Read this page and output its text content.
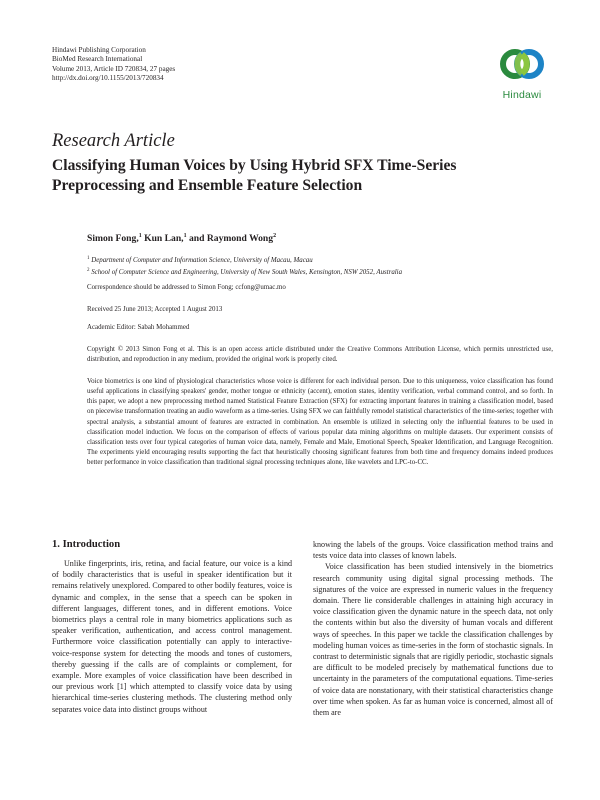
Hindawi Publishing Corporation
BioMed Research International
Volume 2013, Article ID 720834, 27 pages
http://dx.doi.org/10.1155/2013/720834
Hindawi
Research Article
Classifying Human Voices by Using Hybrid SFX Time-Series Preprocessing and Ensemble Feature Selection
Simon Fong,$^1$ Kun Lan,$^1$ and Raymond Wong$^2$
$^1$ Department of Computer and Information Science, University of Macau, Macau
$^2$ School of Computer Science and Engineering, University of New South Wales, Kensington, NSW 2052, Australia
Correspondence should be addressed to Simon Fong; ccfong@umac.mo
Received 25 June 2013; Accepted 1 August 2013
Academic Editor: Sabah Mohammed
Copyright © 2013 Simon Fong et al. This is an open access article distributed under the Creative Commons Attribution License, which permits unrestricted use, distribution, and reproduction in any medium, provided the original work is properly cited.
Voice biometrics is one kind of physiological characteristics whose voice is different for each individual person. Due to this uniqueness, voice classification has found useful applications in classifying speakers' gender, mother tongue or ethnicity (accent), emotion states, identity verification, verbal command control, and so forth. In this paper, we adopt a new preprocessing method named Statistical Feature Extraction (SFX) for extracting important features in training a classification model, based on piecewise transformation treating an audio waveform as a time-series. Using SFX we can faithfully remodel statistical characteristics of the time-series; together with spectral analysis, a substantial amount of features are extracted in combination. An ensemble is utilized in selecting only the influential features to be used in classification model induction. We focus on the comparison of effects of various popular data mining algorithms on multiple datasets. Our experiment consists of classification tests over four typical categories of human voice data, namely, Female and Male, Emotional Speech, Speaker Identification, and Language Recognition. The experiments yield encouraging results supporting the fact that heuristically choosing significant features from both time and frequency domains indeed produces better performance in voice classification than traditional signal processing techniques alone, like wavelets and LPC-to-CC.
1. Introduction

Unlike fingerprints, iris, retina, and facial feature, our voice is a kind of bodily characteristics that is useful in speaker identification but it remains relatively unexplored. Compared to other bodily features, voice is dynamic and complex, in the sense that a speech can be spoken in different languages, different tones, and in different emotions. Voice biometrics plays a central role in many biometrics applications such as speaker verification, authentication, and access control management. Furthermore voice classification potentially can apply to interactive-voice-response system for detecting the moods and tones of customers, thereby guessing if the calls are of complaints or complement, for example. More examples of voice classification have been described in our previous work [1] which attempted to classify voice data by using hierarchical time-series clustering methods. The clustering method only separates voice data into distinct groups without

knowing the labels of the groups. Voice classification method trains and tests voice data into classes of known labels.

Voice classification has been studied intensively in the biometrics research community using digital signal processing methods. The signatures of the voice are expressed in numeric values in the frequency domain. There lie considerable challenges in attaining high accuracy in voice classification given the dynamic nature in the speech data, not only the contents within but also the diversity of human vocals and different ways of speeches. In this paper we tackle the classification challenges by modeling human voices as time-series in the form of stochastic signals. In contrast to deterministic signals that are rigidly periodic, stochastic signals are difficult to be modeled precisely by mathematical functions due to uncertainty in the parameters of the computational equations. Time-series of voice data are nonstationary, with their statistical characteristics change over time when spoken. As far as human voice is concerned, almost all of them are
